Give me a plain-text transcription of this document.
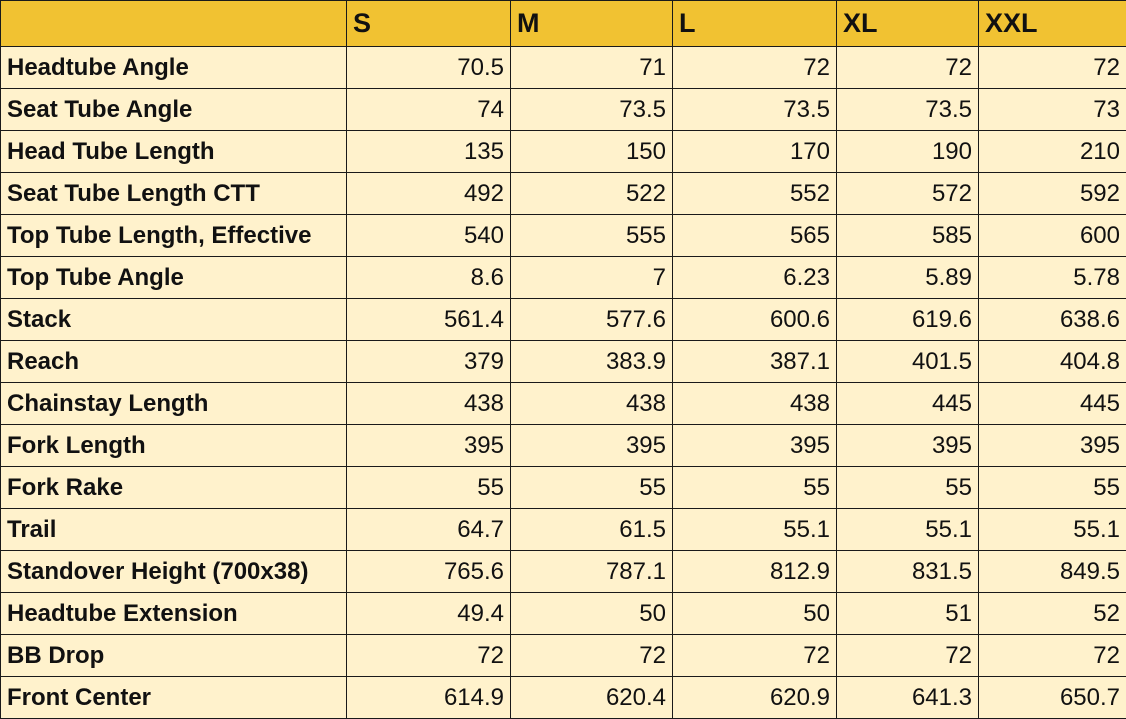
	S	M	L	XL	XXL
Headtube Angle	70.5	71	72	72	72
Seat Tube Angle	74	73.5	73.5	73.5	73
Head Tube Length	135	150	170	190	210
Seat Tube Length CTT	492	522	552	572	592
Top Tube Length, Effective	540	555	565	585	600
Top Tube Angle	8.6	7	6.23	5.89	5.78
Stack	561.4	577.6	600.6	619.6	638.6
Reach	379	383.9	387.1	401.5	404.8
Chainstay Length	438	438	438	445	445
Fork Length	395	395	395	395	395
Fork Rake	55	55	55	55	55
Trail	64.7	61.5	55.1	55.1	55.1
Standover Height (700x38)	765.6	787.1	812.9	831.5	849.5
Headtube Extension	49.4	50	50	51	52
BB Drop	72	72	72	72	72
Front Center	614.9	620.4	620.9	641.3	650.7
